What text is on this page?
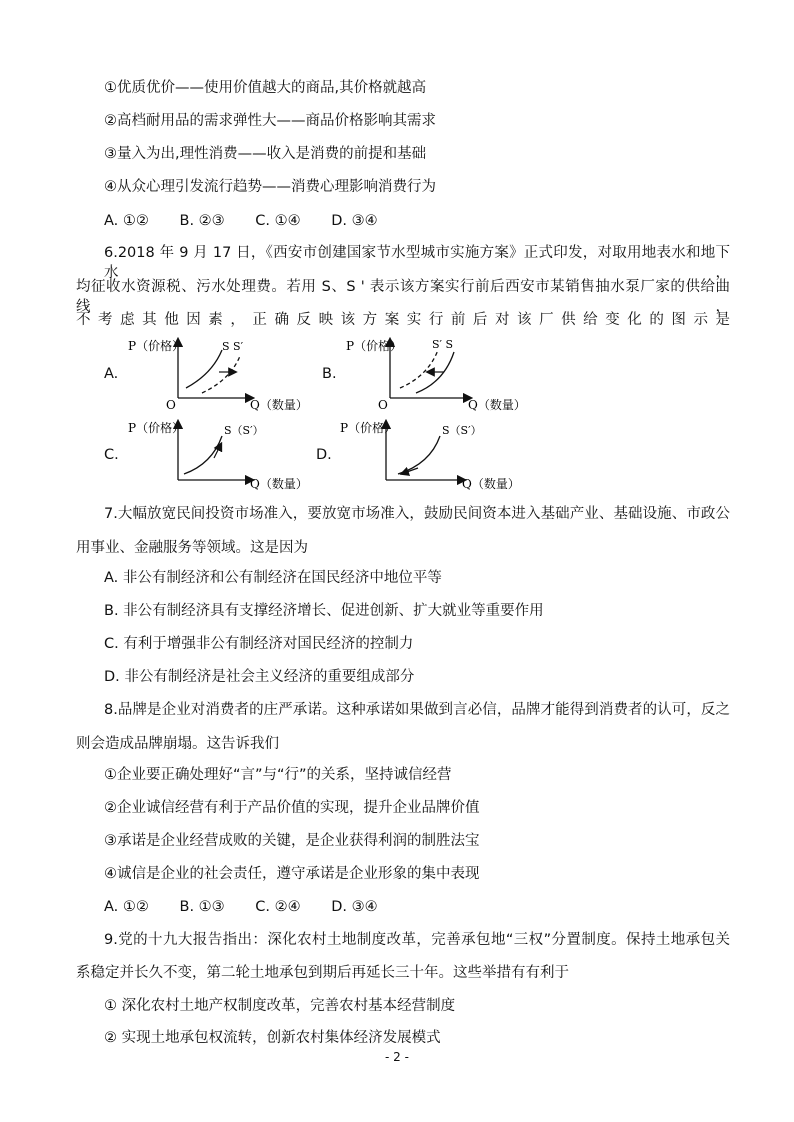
①优质优价——使用价值越大的商品,其价格就越高
②高档耐用品的需求弹性大——商品价格影响其需求
③量入为出,理性消费——收入是消费的前提和基础
④从众心理引发流行趋势——消费心理影响消费行为
A. ①② B. ②③ C. ①④ D. ③④
6.2018 年 9 月 17 日，《西安市创建国家节水型城市实施方案》正式印发，对取用地表水和地下水，
均征收水资源税、污水处理费。若用 S、S ' 表示该方案实行前后西安市某销售抽水泵厂家的供给曲线，
不考虑其他因素，正确反映该方案实行前后对该厂供给变化的图示是
A.
P（价格）
O	Q（数量）
S S′
B.
P（价格）
O	Q（数量）
S′ S
C.
P（价格）
Q（数量）
S（S′）
D.
P（价格）
Q（数量）
S（S′）
7.大幅放宽民间投资市场准入，要放宽市场准入，鼓励民间资本进入基础产业、基础设施、市政公
用事业、金融服务等领域。这是因为
A. 非公有制经济和公有制经济在国民经济中地位平等
B. 非公有制经济具有支撑经济增长、促进创新、扩大就业等重要作用
C. 有利于增强非公有制经济对国民经济的控制力
D. 非公有制经济是社会主义经济的重要组成部分
8.品牌是企业对消费者的庄严承诺。这种承诺如果做到言必信，品牌才能得到消费者的认可，反之
则会造成品牌崩塌。这告诉我们
①企业要正确处理好“言”与“行”的关系，坚持诚信经营
②企业诚信经营有利于产品价值的实现，提升企业品牌价值
③承诺是企业经营成败的关键，是企业获得利润的制胜法宝
④诚信是企业的社会责任，遵守承诺是企业形象的集中表现
A. ①② B. ①③ C. ②④ D. ③④
9.党的十九大报告指出：深化农村土地制度改革，完善承包地“三权”分置制度。保持土地承包关
系稳定并长久不变，第二轮土地承包到期后再延长三十年。这些举措有有利于
① 深化农村土地产权制度改革，完善农村基本经营制度
② 实现土地承包权流转，创新农村集体经济发展模式
- 2 -
